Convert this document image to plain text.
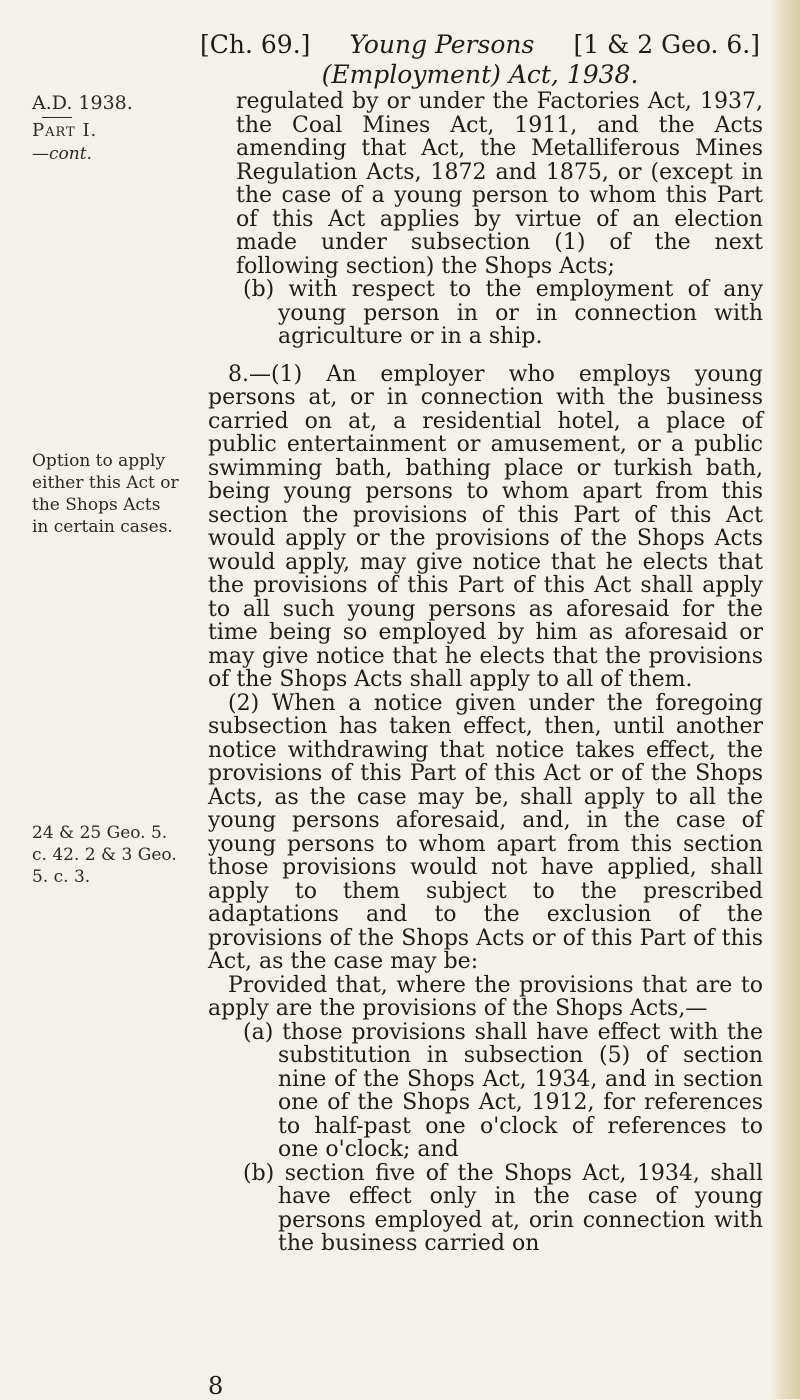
[Ch. 69.] Young Persons [1 & 2 Geo. 6.]
(Employment) Act, 1938.
A.D. 1938.
Part I.
—cont.
Option to apply either this Act or the Shops Acts in certain cases.
24 & 25 Geo. 5. c. 42. 2 & 3 Geo. 5. c. 3.

regulated by or under the Factories Act, 1937, the Coal Mines Act, 1911, and the Acts amending that Act, the Metalliferous Mines Regulation Acts, 1872 and 1875, or (except in the case of a young person to whom this Part of this Act applies by virtue of an election made under subsection (1) of the next following section) the Shops Acts;

(b) with respect to the employment of any young person in or in connection with agriculture or in a ship.

8.—(1) An employer who employs young persons at, or in connection with the business carried on at, a residential hotel, a place of public entertainment or amusement, or a public swimming bath, bathing place or turkish bath, being young persons to whom apart from this section the provisions of this Part of this Act would apply or the provisions of the Shops Acts would apply, may give notice that he elects that the provisions of this Part of this Act shall apply to all such young persons as aforesaid for the time being so employed by him as aforesaid or may give notice that he elects that the provisions of the Shops Acts shall apply to all of them.

(2) When a notice given under the foregoing subsection has taken effect, then, until another notice withdrawing that notice takes effect, the provisions of this Part of this Act or of the Shops Acts, as the case may be, shall apply to all the young persons aforesaid, and, in the case of young persons to whom apart from this section those provisions would not have applied, shall apply to them subject to the prescribed adaptations and to the exclusion of the provisions of the Shops Acts or of this Part of this Act, as the case may be:

Provided that, where the provisions that are to apply are the provisions of the Shops Acts,—

(a) those provisions shall have effect with the substitution in subsection (5) of section nine of the Shops Act, 1934, and in section one of the Shops Act, 1912, for references to half-past one o'clock of references to one o'clock; and

(b) section five of the Shops Act, 1934, shall have effect only in the case of young persons employed at, orin connection with the business carried on

8
